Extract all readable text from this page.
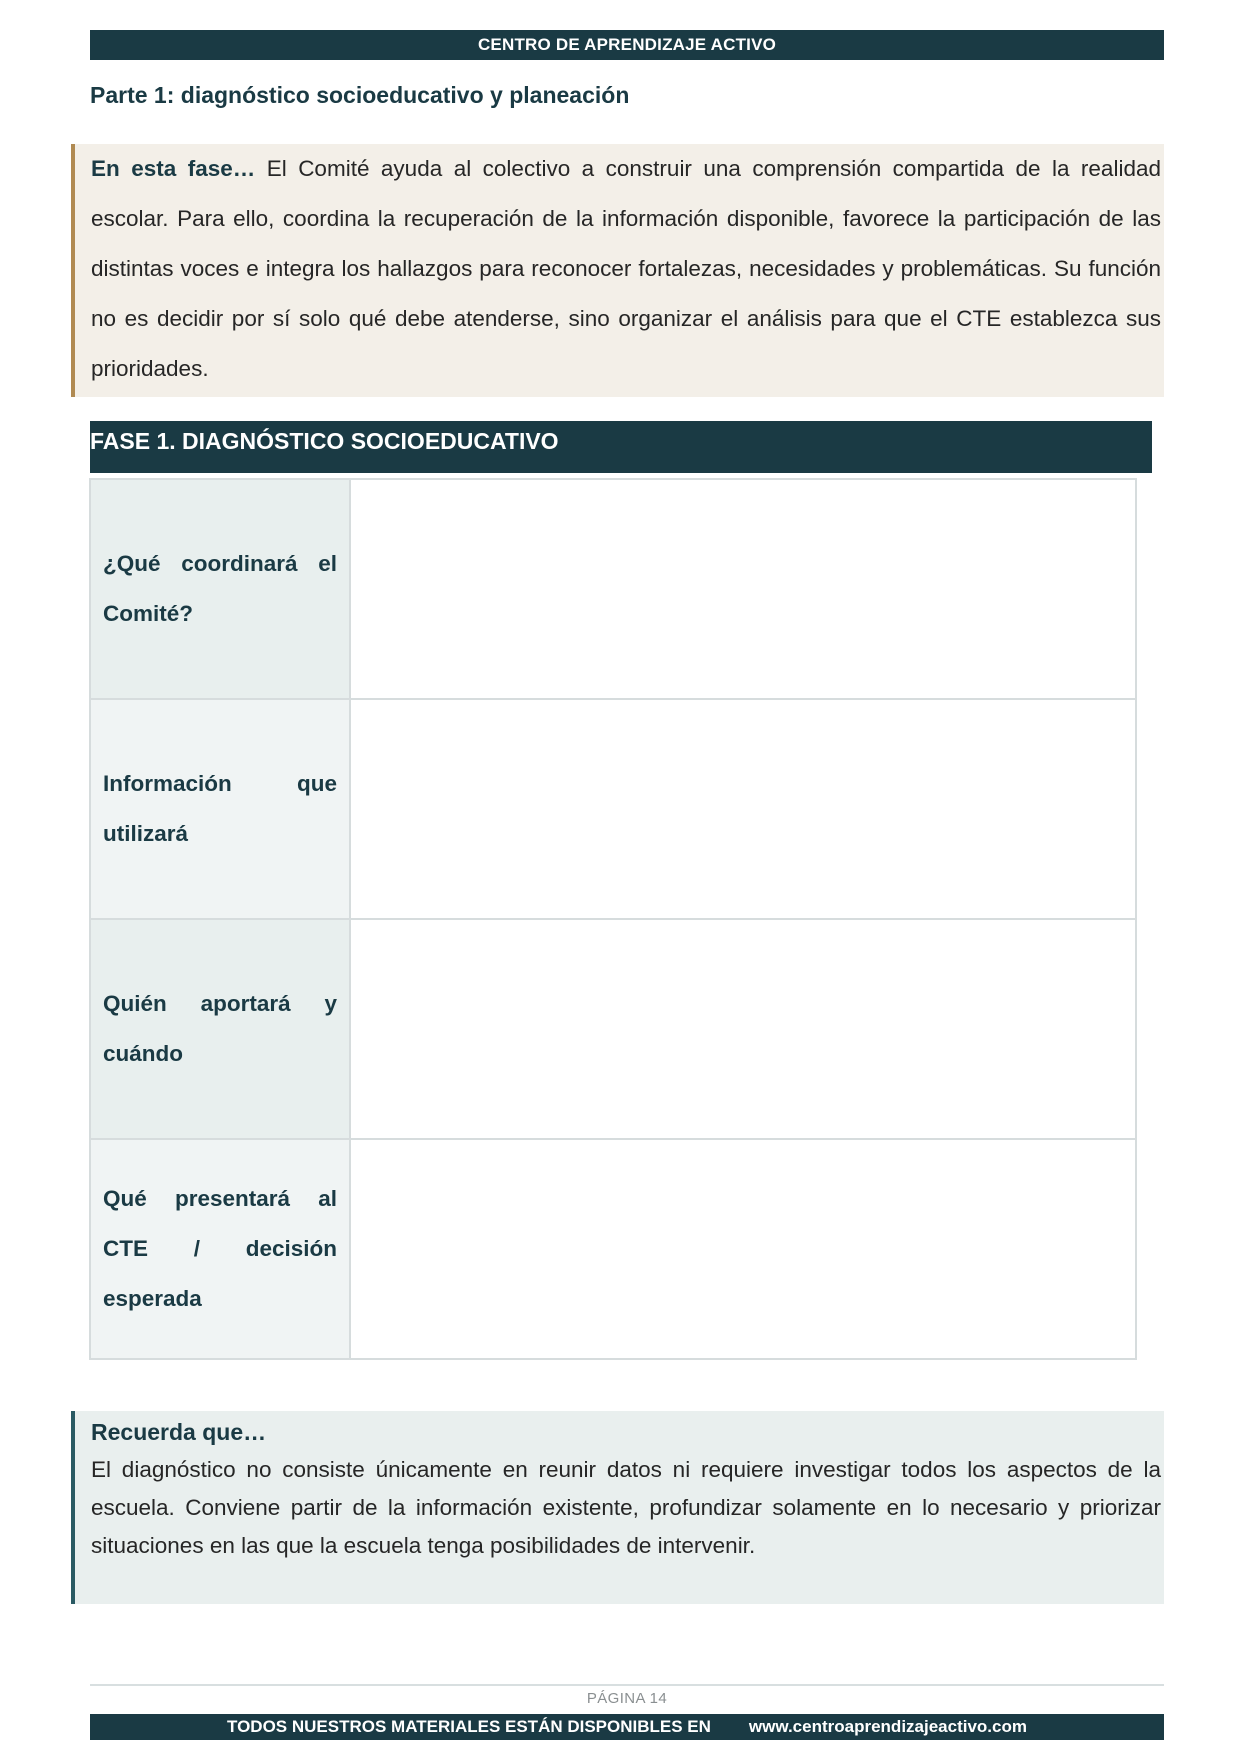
CENTRO DE APRENDIZAJE ACTIVO
Parte 1: diagnóstico socioeducativo y planeación
En esta fase… El Comité ayuda al colectivo a construir una comprensión compartida de la realidad escolar. Para ello, coordina la recuperación de la información disponible, favorece la participación de las distintas voces e integra los hallazgos para reconocer fortalezas, necesidades y problemáticas. Su función no es decidir por sí solo qué debe atenderse, sino organizar el análisis para que el CTE establezca sus prioridades.
FASE 1. DIAGNÓSTICO SOCIOEDUCATIVO
¿Qué coordinará el Comité?	
Información que utilizará	
Quién aportará y cuándo	
Qué presentará al CTE / decisión esperada	
Recuerda que…
El diagnóstico no consiste únicamente en reunir datos ni requiere investigar todos los aspectos de la escuela. Conviene partir de la información existente, profundizar solamente en lo necesario y priorizar situaciones en las que la escuela tenga posibilidades de intervenir.
PÁGINA 14
TODOS NUESTROS MATERIALES ESTÁN DISPONIBLES EN www.centroaprendizajeactivo.com
